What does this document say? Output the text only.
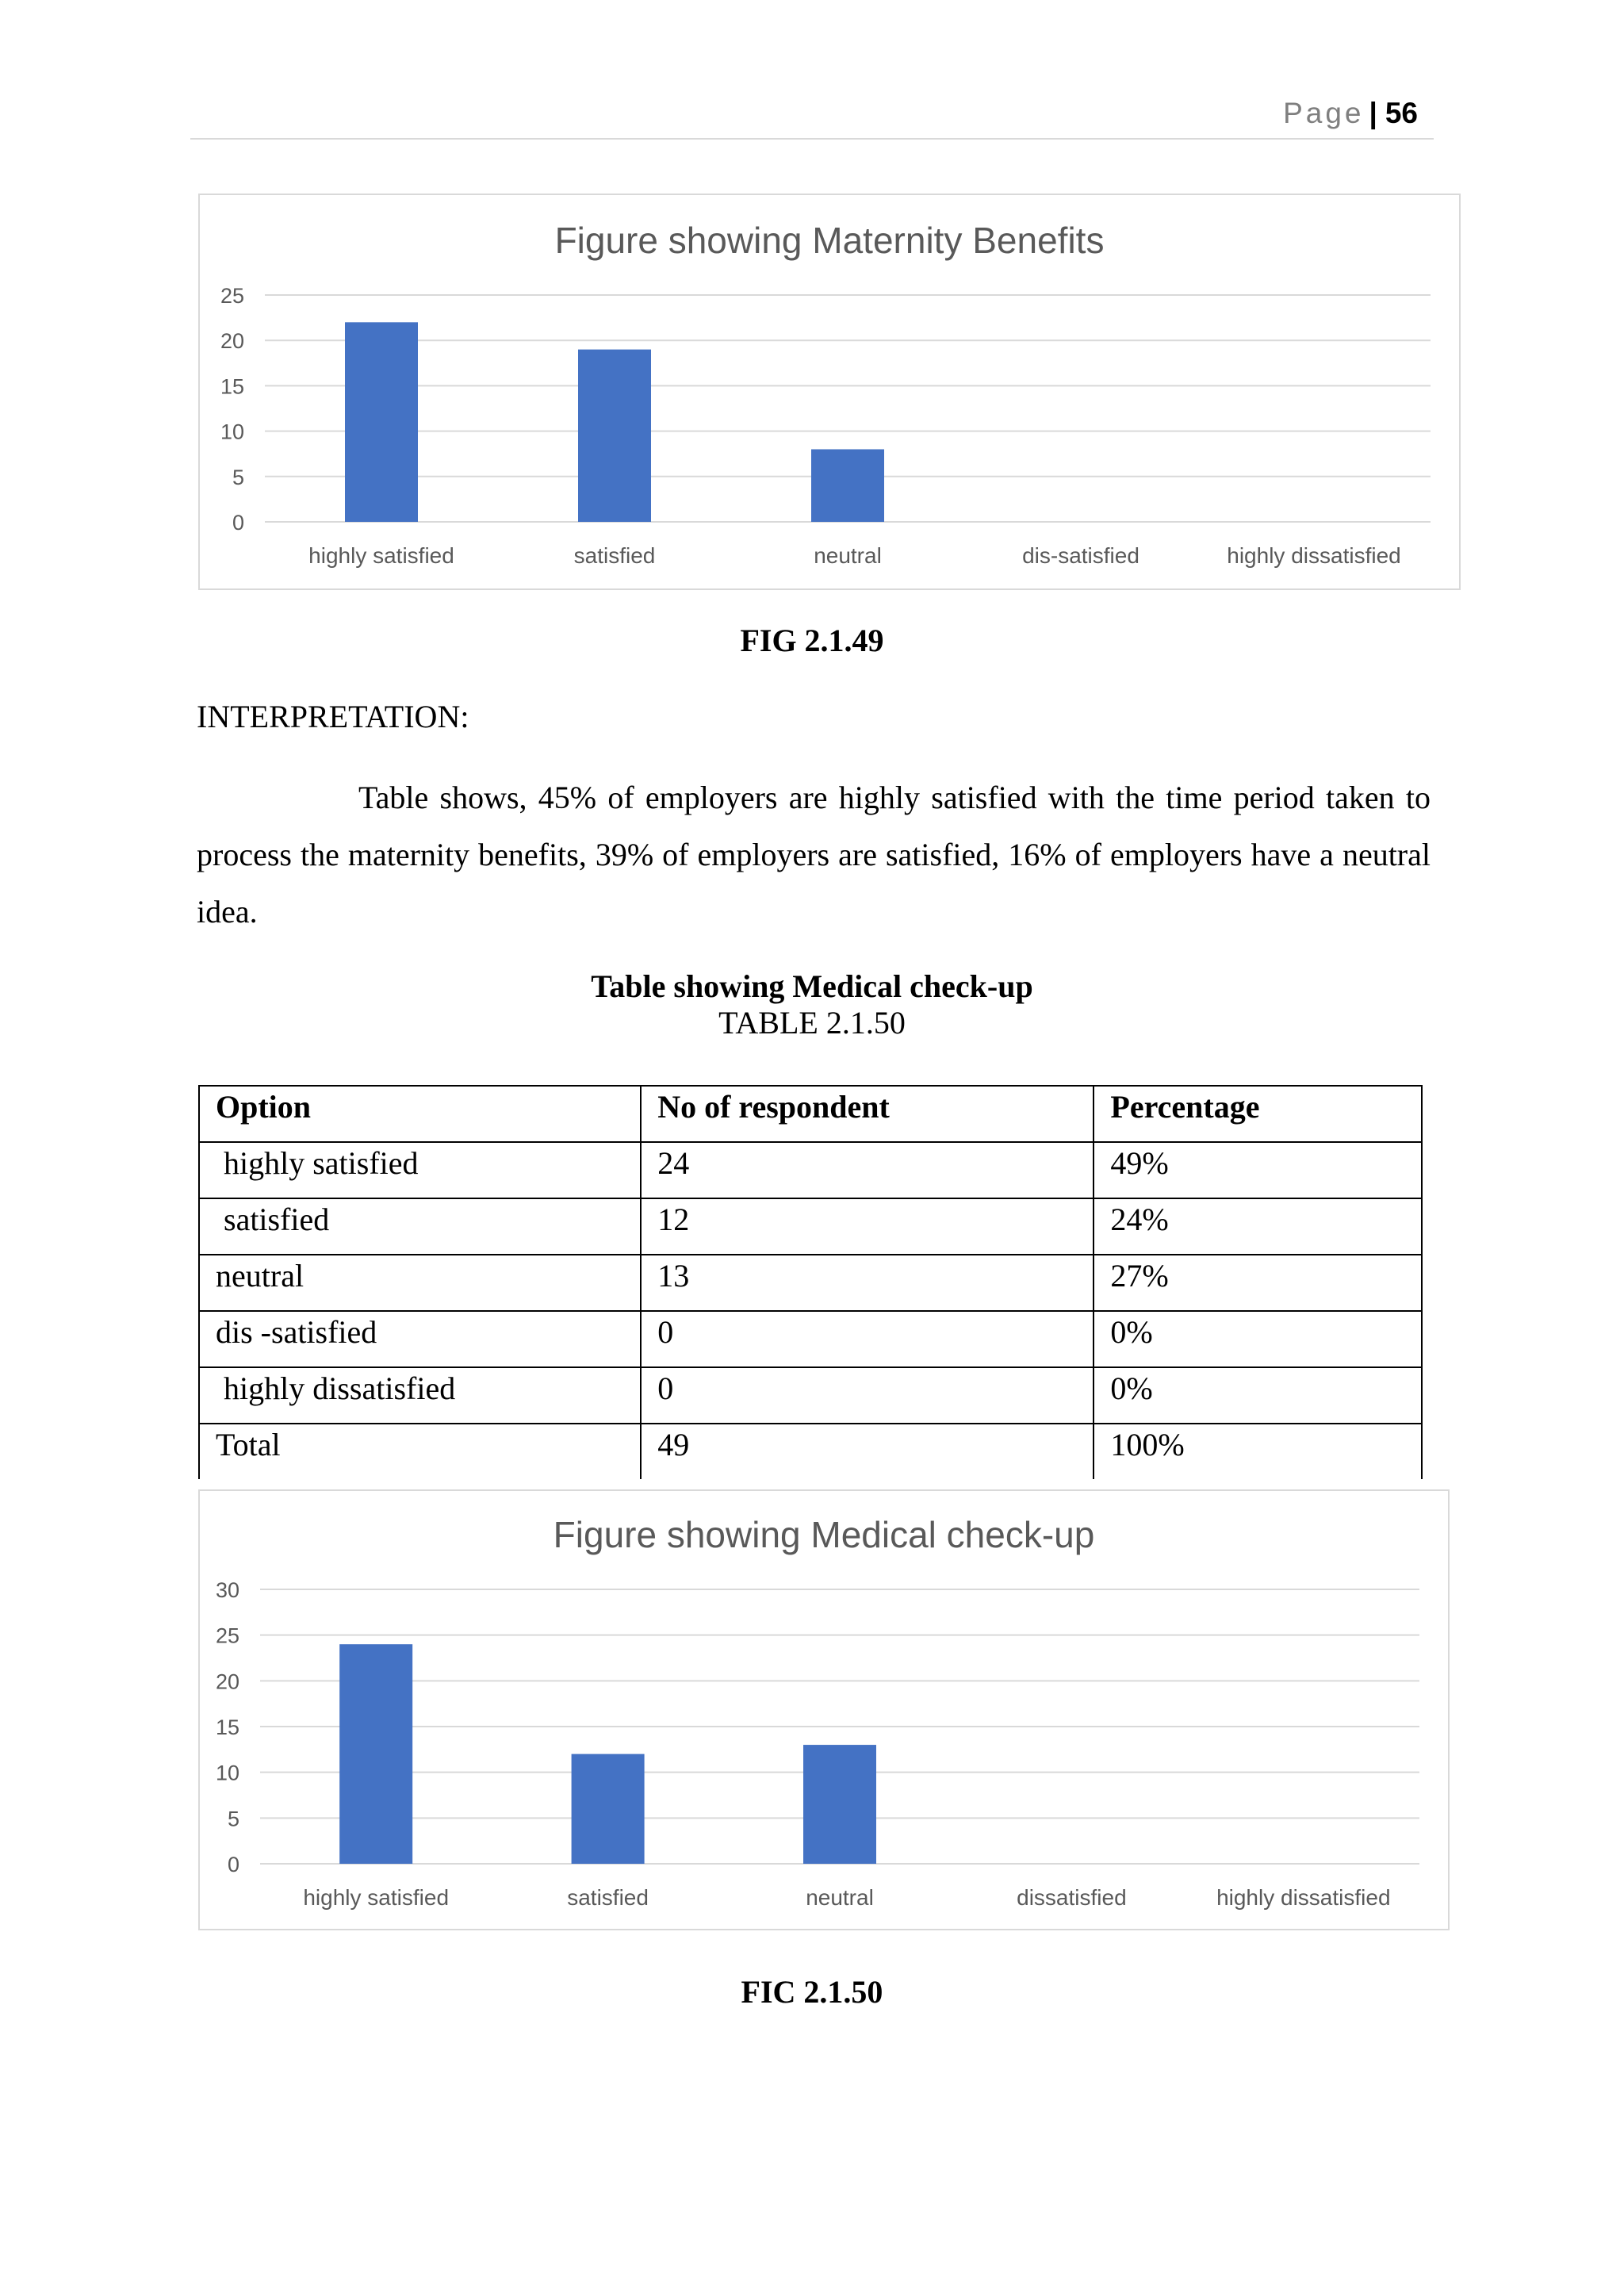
Page | 56
Figure showing Maternity Benefits
0
5
10
15
20
25
highly satisfied	satisfied	neutral	dis-satisfied	highly dissatisfied
FIG 2.1.49
INTERPRETATION:
Table shows, 45% of employers are highly satisfied with the time period taken to process the maternity benefits, 39% of employers are satisfied, 16% of employers have a neutral idea.
Table showing Medical check-up
TABLE 2.1.50
Option	No of respondent	Percentage
highly satisfied	24	49%
satisfied	12	24%
neutral	13	27%
dis -satisfied	0	0%
highly dissatisfied	0	0%
Total	49	100%
Figure showing Medical check-up
0
5
10
15
20
25
30
highly satisfied	satisfied	neutral	dissatisfied	highly dissatisfied
FIC 2.1.50
